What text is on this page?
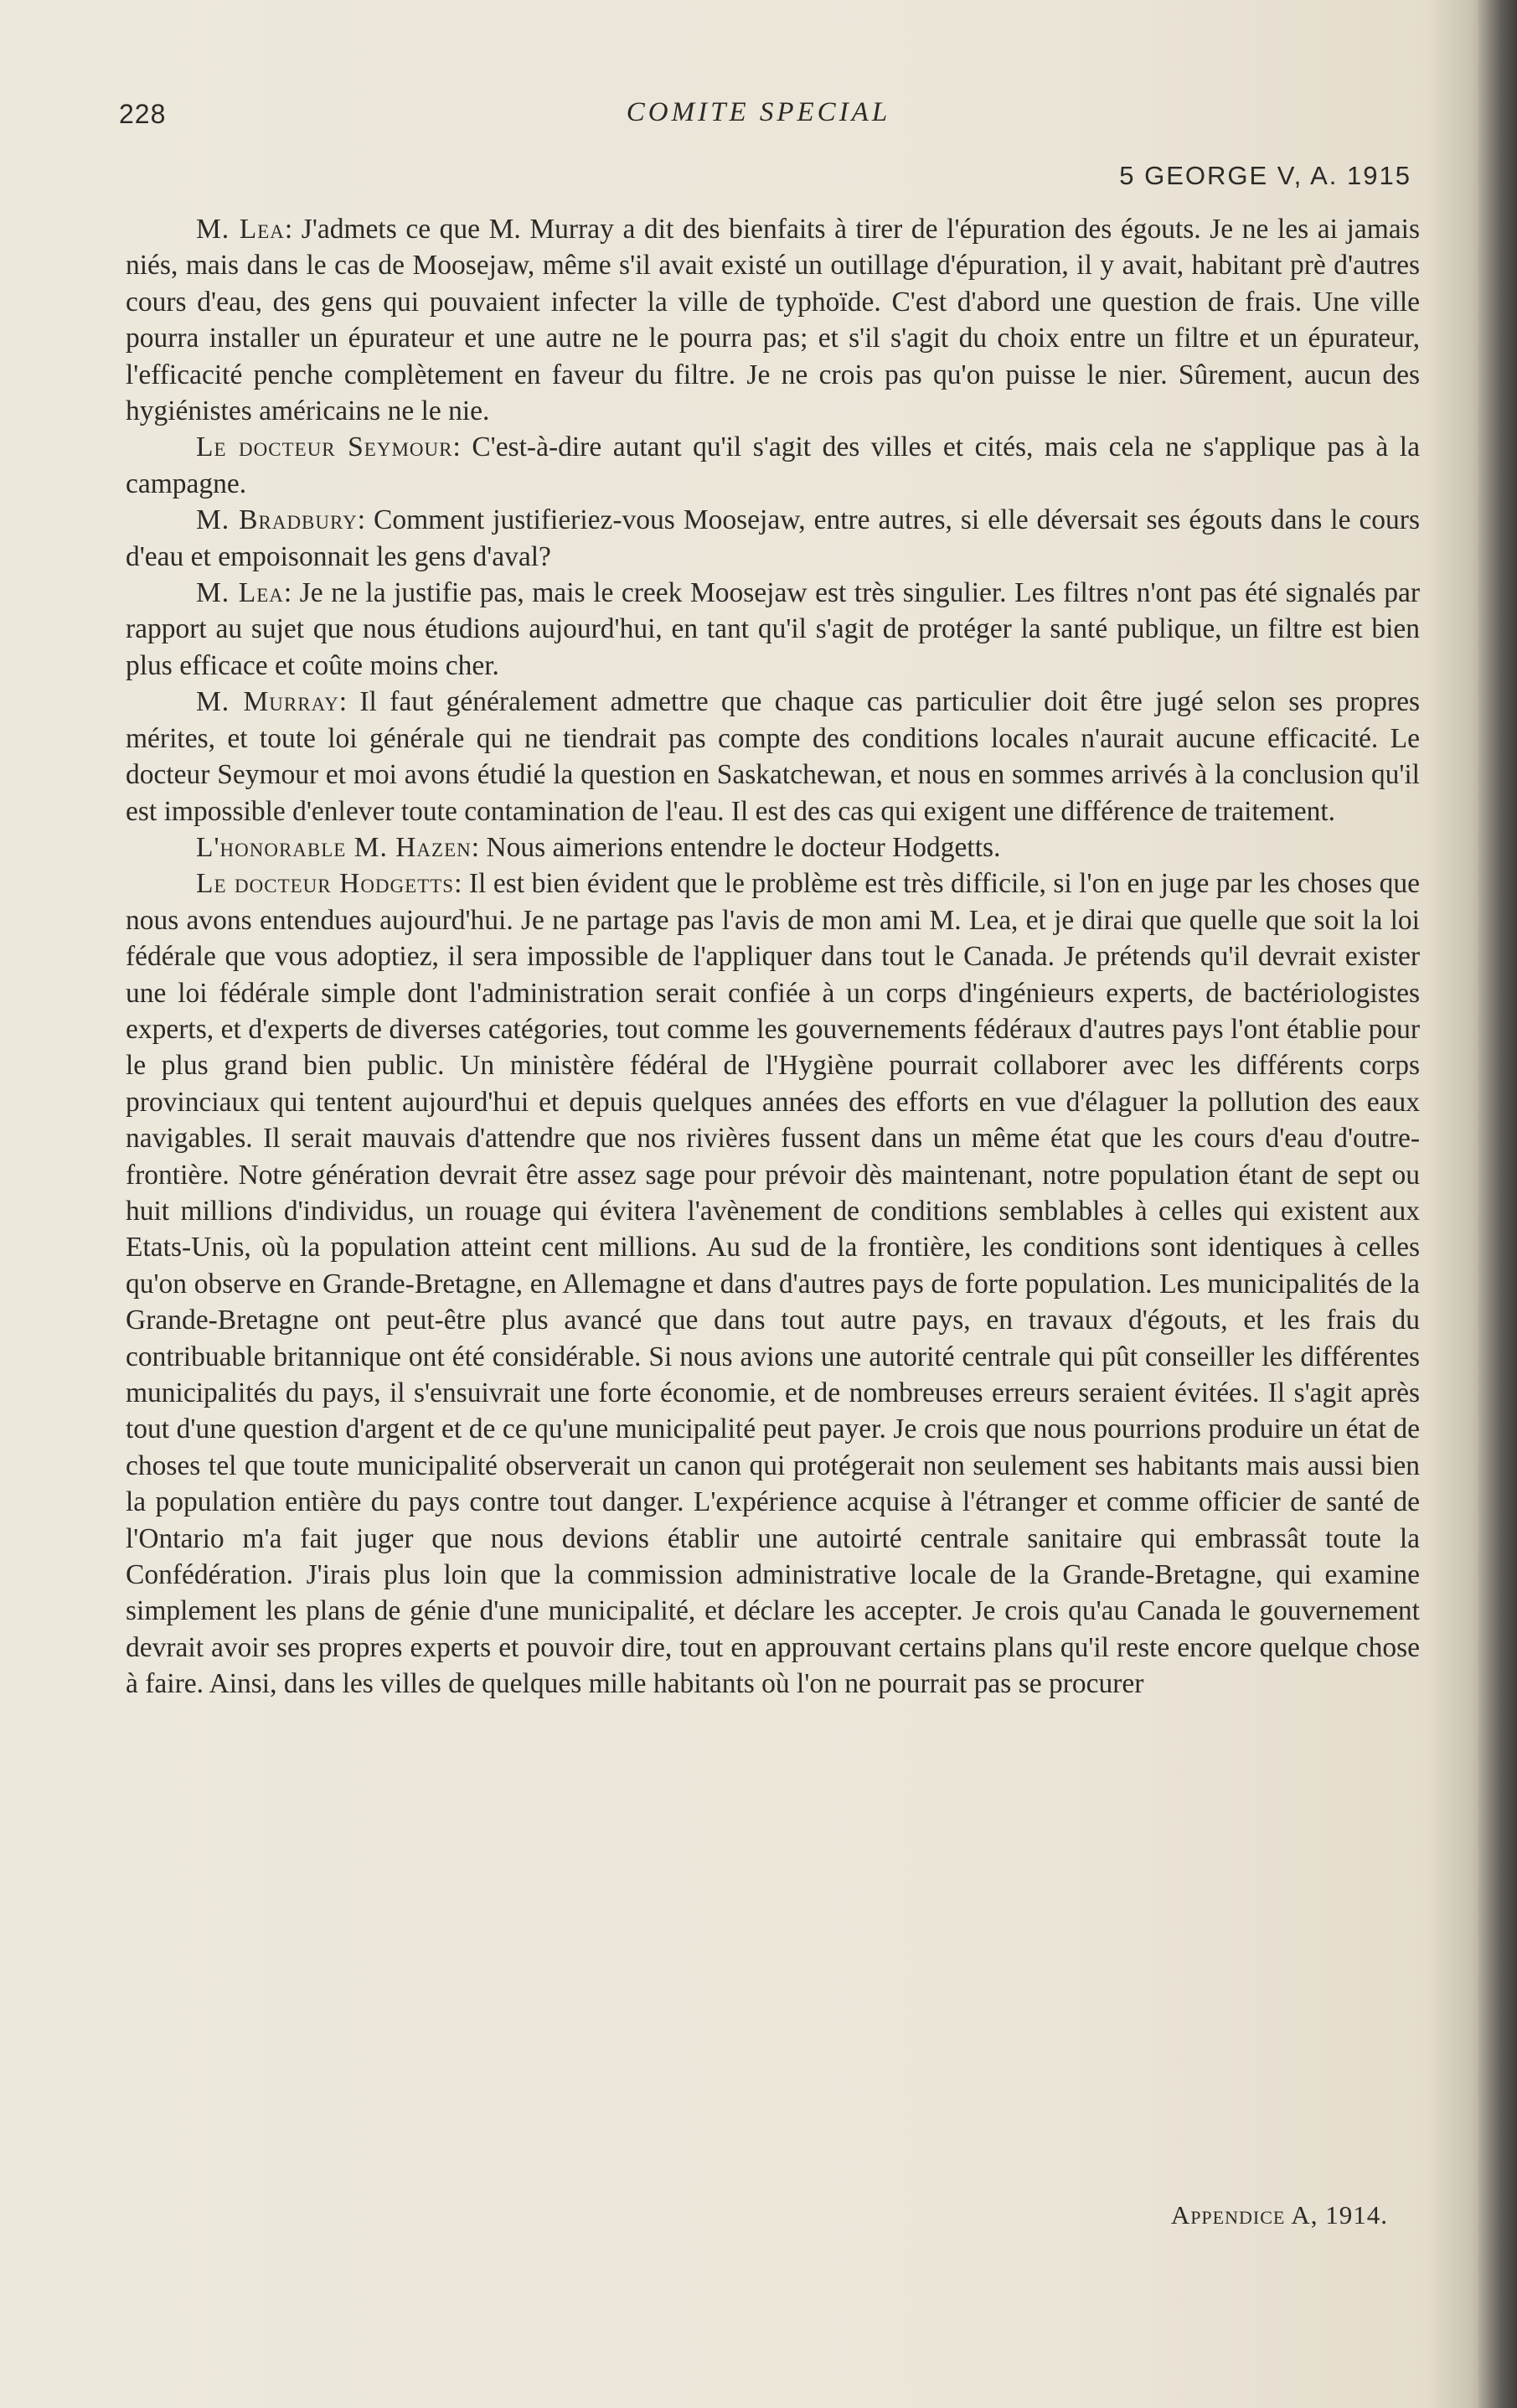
228	COMITE SPECIAL
5 GEORGE V, A. 1915

M. Lea: J'admets ce que M. Murray a dit des bienfaits à tirer de l'épuration des égouts. Je ne les ai jamais niés, mais dans le cas de Moosejaw, même s'il avait existé un outillage d'épuration, il y avait, habitant prè d'autres cours d'eau, des gens qui pouvaient infecter la ville de typhoïde. C'est d'abord une question de frais. Une ville pourra installer un épurateur et une autre ne le pourra pas; et s'il s'agit du choix entre un filtre et un épurateur, l'efficacité penche complètement en faveur du filtre. Je ne crois pas qu'on puisse le nier. Sûrement, aucun des hygiénistes américains ne le nie.

Le docteur Seymour: C'est-à-dire autant qu'il s'agit des villes et cités, mais cela ne s'applique pas à la campagne.

M. Bradbury: Comment justifieriez-vous Moosejaw, entre autres, si elle déversait ses égouts dans le cours d'eau et empoisonnait les gens d'aval?

M. Lea: Je ne la justifie pas, mais le creek Moosejaw est très singulier. Les filtres n'ont pas été signalés par rapport au sujet que nous étudions aujourd'hui, en tant qu'il s'agit de protéger la santé publique, un filtre est bien plus efficace et coûte moins cher.

M. Murray: Il faut généralement admettre que chaque cas particulier doit être jugé selon ses propres mérites, et toute loi générale qui ne tiendrait pas compte des conditions locales n'aurait aucune efficacité. Le docteur Seymour et moi avons étudié la question en Saskatchewan, et nous en sommes arrivés à la conclusion qu'il est impossible d'enlever toute contamination de l'eau. Il est des cas qui exigent une différence de traitement.

L'honorable M. Hazen: Nous aimerions entendre le docteur Hodgetts.

Le docteur Hodgetts: Il est bien évident que le problème est très difficile, si l'on en juge par les choses que nous avons entendues aujourd'hui. Je ne partage pas l'avis de mon ami M. Lea, et je dirai que quelle que soit la loi fédérale que vous adoptiez, il sera impossible de l'appliquer dans tout le Canada. Je prétends qu'il devrait exister une loi fédérale simple dont l'administration serait confiée à un corps d'ingénieurs experts, de bactériologistes experts, et d'experts de diverses catégories, tout comme les gouvernements fédéraux d'autres pays l'ont établie pour le plus grand bien public. Un ministère fédéral de l'Hygiène pourrait collaborer avec les différents corps provinciaux qui tentent aujourd'hui et depuis quelques années des efforts en vue d'élaguer la pollution des eaux navigables. Il serait mauvais d'attendre que nos rivières fussent dans un même état que les cours d'eau d'outre-frontière. Notre génération devrait être assez sage pour prévoir dès maintenant, notre population étant de sept ou huit millions d'individus, un rouage qui évitera l'avènement de conditions semblables à celles qui existent aux Etats-Unis, où la population atteint cent millions. Au sud de la frontière, les conditions sont identiques à celles qu'on observe en Grande-Bretagne, en Allemagne et dans d'autres pays de forte population. Les municipalités de la Grande-Bretagne ont peut-être plus avancé que dans tout autre pays, en travaux d'égouts, et les frais du contribuable britannique ont été considérable. Si nous avions une autorité centrale qui pût conseiller les différentes municipalités du pays, il s'ensuivrait une forte économie, et de nombreuses erreurs seraient évitées. Il s'agit après tout d'une question d'argent et de ce qu'une municipalité peut payer. Je crois que nous pourrions produire un état de choses tel que toute municipalité observerait un canon qui protégerait non seulement ses habitants mais aussi bien la population entière du pays contre tout danger. L'expérience acquise à l'étranger et comme officier de santé de l'Ontario m'a fait juger que nous devions établir une autoirté centrale sanitaire qui embrassât toute la Confédération. J'irais plus loin que la commission administrative locale de la Grande-Bretagne, qui examine simplement les plans de génie d'une municipalité, et déclare les accepter. Je crois qu'au Canada le gouvernement devrait avoir ses propres experts et pouvoir dire, tout en approuvant certains plans qu'il reste encore quelque chose à faire. Ainsi, dans les villes de quelques mille habitants où l'on ne pourrait pas se procurer

Appendice A, 1914.
